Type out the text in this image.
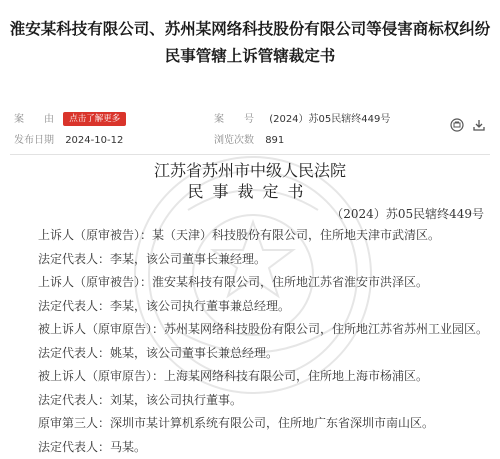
淮安某科技有限公司、苏州某网络科技股份有限公司等侵害商标权纠纷
民事管辖上诉管辖裁定书
案　　由 点击了解更多	案　　号 (2024）苏05民辖终449号
发布日期 2024-10-12	浏览次数 891
江苏省苏州市中级人民法院
民事裁定书
（2024）苏05民辖终449号

上诉人（原审被告）：某（天津）科技股份有限公司，住所地天津市武清区。

法定代表人：李某，该公司董事长兼经理。

上诉人（原审被告）：淮安某科技有限公司，住所地江苏省淮安市洪泽区。

法定代表人：李某，该公司执行董事兼总经理。

被上诉人（原审原告）：苏州某网络科技股份有限公司，住所地江苏省苏州工业园区。

法定代表人：姚某，该公司董事长兼总经理。

被上诉人（原审原告）：上海某网络科技有限公司，住所地上海市杨浦区。

法定代表人：刘某，该公司执行董事。

原审第三人：深圳市某计算机系统有限公司，住所地广东省深圳市南山区。

法定代表人：马某。
